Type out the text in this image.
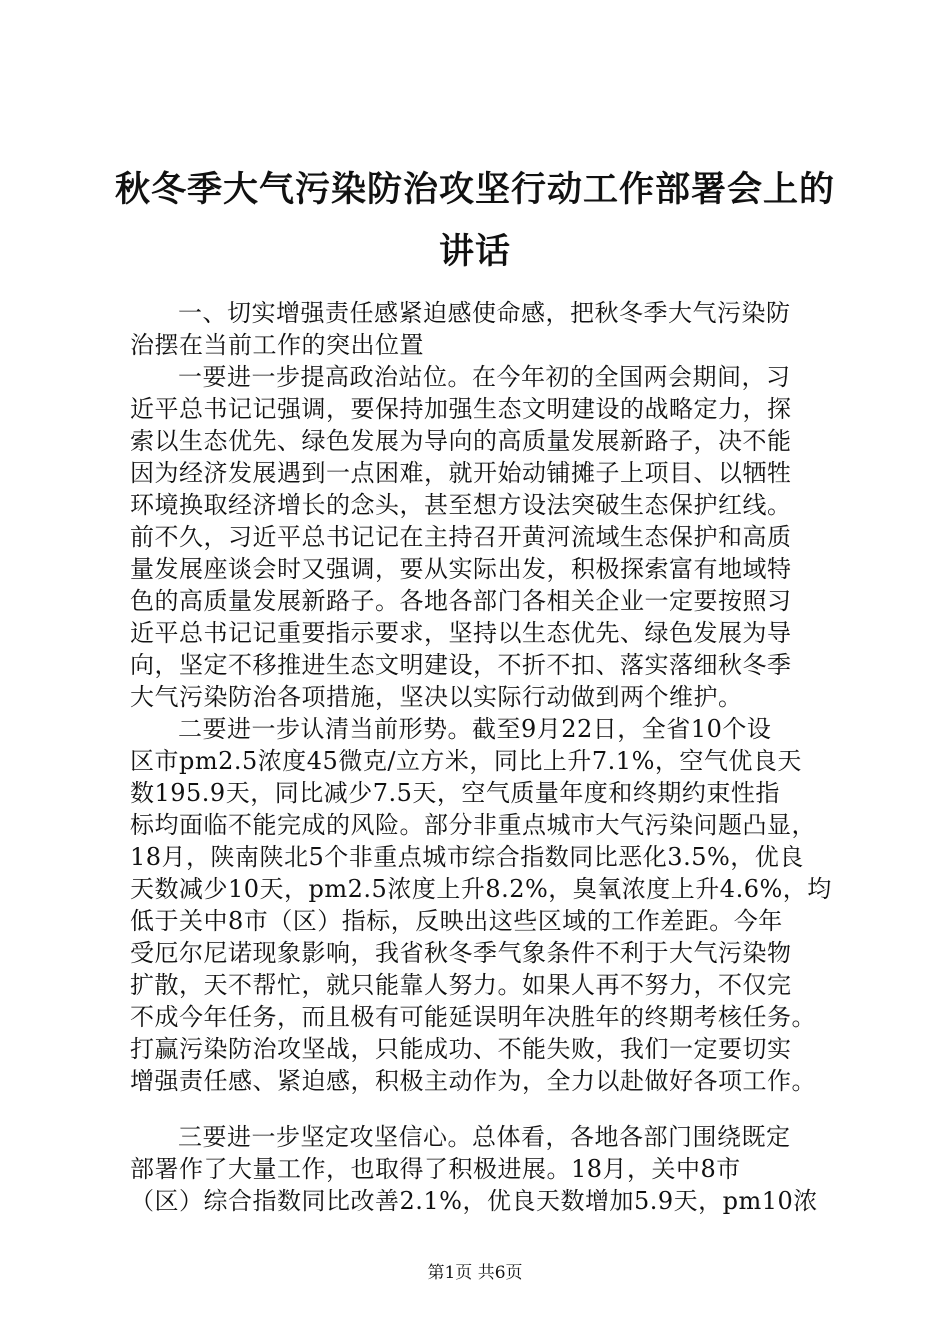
秋冬季大气污染防治攻坚行动工作部署会上的
讲话
一、切实增强责任感紧迫感使命感，把秋冬季大气污染防
治摆在当前工作的突出位置
一要进一步提高政治站位。在今年初的全国两会期间，习
近平总书记记强调，要保持加强生态文明建设的战略定力，探
索以生态优先、绿色发展为导向的高质量发展新路子，决不能
因为经济发展遇到一点困难，就开始动铺摊子上项目、以牺牲
环境换取经济增长的念头，甚至想方设法突破生态保护红线。
前不久，习近平总书记记在主持召开黄河流域生态保护和高质
量发展座谈会时又强调，要从实际出发，积极探索富有地域特
色的高质量发展新路子。各地各部门各相关企业一定要按照习
近平总书记记重要指示要求，坚持以生态优先、绿色发展为导
向，坚定不移推进生态文明建设，不折不扣、落实落细秋冬季
大气污染防治各项措施，坚决以实际行动做到两个维护。
二要进一步认清当前形势。截至9月22日，全省10个设
区市pm2.5浓度45微克/立方米，同比上升7.1%，空气优良天
数195.9天，同比减少7.5天，空气质量年度和终期约束性指
标均面临不能完成的风险。部分非重点城市大气污染问题凸显，
18月，陕南陕北5个非重点城市综合指数同比恶化3.5%，优良
天数减少10天，pm2.5浓度上升8.2%，臭氧浓度上升4.6%，均
低于关中8市（区）指标，反映出这些区域的工作差距。今年
受厄尔尼诺现象影响，我省秋冬季气象条件不利于大气污染物
扩散，天不帮忙，就只能靠人努力。如果人再不努力，不仅完
不成今年任务，而且极有可能延误明年决胜年的终期考核任务。
打赢污染防治攻坚战，只能成功、不能失败，我们一定要切实
增强责任感、紧迫感，积极主动作为，全力以赴做好各项工作。
三要进一步坚定攻坚信心。总体看，各地各部门围绕既定
部署作了大量工作，也取得了积极进展。18月，关中8市
（区）综合指数同比改善2.1%，优良天数增加5.9天，pm10浓
第1页 共6页
